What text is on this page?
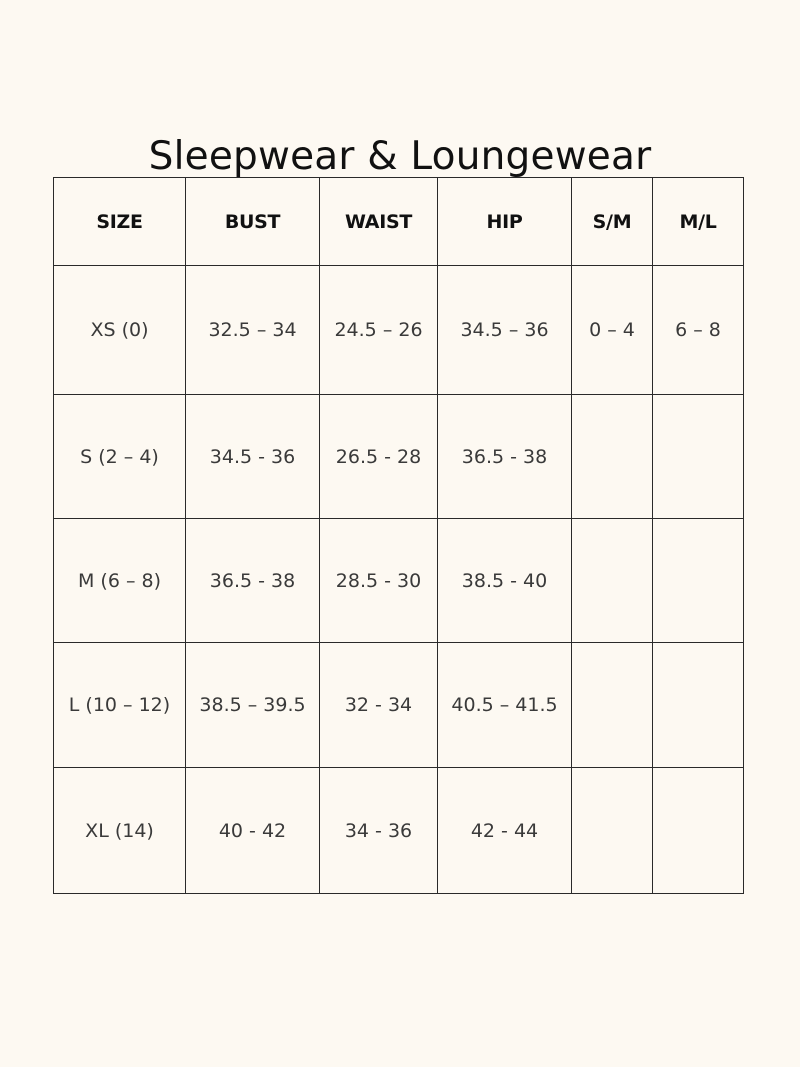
Sleepwear & Loungewear
SIZE	BUST	WAIST	HIP	S/M	M/L
XS (0)	32.5 – 34	24.5 – 26	34.5 – 36	0 – 4	6 – 8
S (2 – 4)	34.5 - 36	26.5 - 28	36.5 - 38		
M (6 – 8)	36.5 - 38	28.5 - 30	38.5 - 40		
L (10 – 12)	38.5 – 39.5	32 - 34	40.5 – 41.5		
XL (14)	40 - 42	34 - 36	42 - 44		
